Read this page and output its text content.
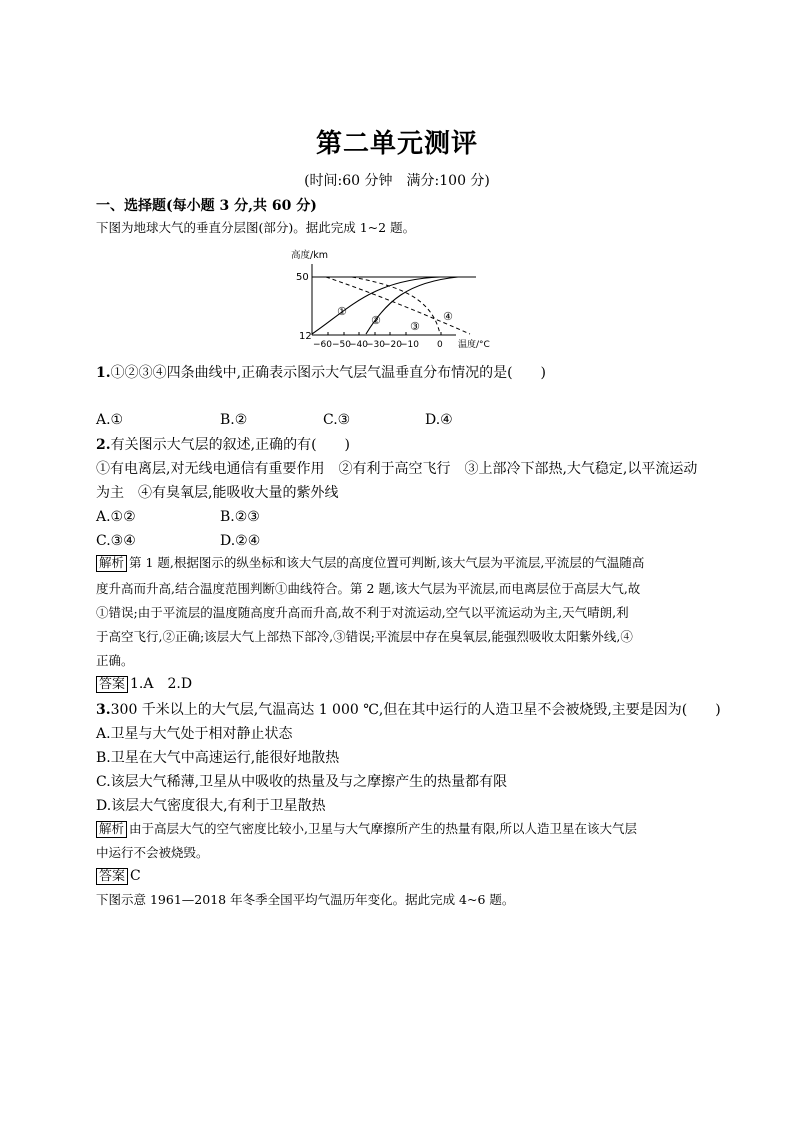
第二单元测评
(时间:60 分钟　满分:100 分)
一、选择题(每小题 3 分,共 60 分)
下图为地球大气的垂直分层图(部分)。据此完成 1~2 题。
高度/km
50
12
①
②	③
④
−60 −50
−40
−30
−20
−10 0 温度/°C
1.①②③④四条曲线中,正确表示图示大气层气温垂直分布情况的是( )
A.①	B.②	C.③	D.④
2.有关图示大气层的叙述,正确的有( )
①有电离层,对无线电通信有重要作用　②有利于高空飞行　③上部冷下部热,大气稳定,以平流运动
为主　④有臭氧层,能吸收大量的紫外线
A.①②	B.②③
C.③④	D.②④
解析 第 1 题,根据图示的纵坐标和该大气层的高度位置可判断,该大气层为平流层,平流层的气温随高
度升高而升高,结合温度范围判断①曲线符合。第 2 题,该大气层为平流层,而电离层位于高层大气,故
①错误;由于平流层的温度随高度升高而升高,故不利于对流运动,空气以平流运动为主,天气晴朗,利
于高空飞行,②正确;该层大气上部热下部冷,③错误;平流层中存在臭氧层,能强烈吸收太阳紫外线,④
正确。
答案 1.A　2.D
3.300 千米以上的大气层,气温高达 1 000 ℃,但在其中运行的人造卫星不会被烧毁,主要是因为( )
A.卫星与大气处于相对静止状态
B.卫星在大气中高速运行,能很好地散热
C.该层大气稀薄,卫星从中吸收的热量及与之摩擦产生的热量都有限
D.该层大气密度很大,有利于卫星散热
解析 由于高层大气的空气密度比较小,卫星与大气摩擦所产生的热量有限,所以人造卫星在该大气层
中运行不会被烧毁。
答案 C
下图示意 1961—2018 年冬季全国平均气温历年变化。据此完成 4~6 题。
